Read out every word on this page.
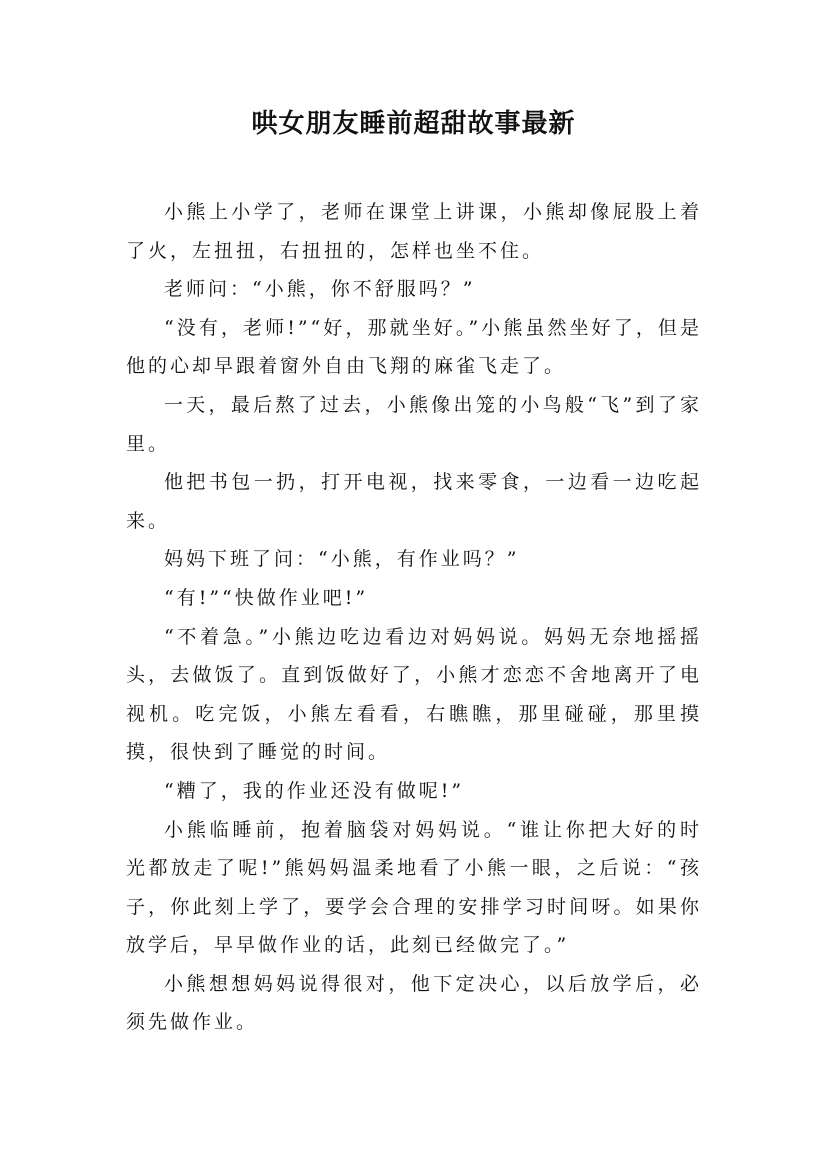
哄女朋友睡前超甜故事最新

小熊上小学了，老师在课堂上讲课，小熊却像屁股上着了火，左扭扭，右扭扭的，怎样也坐不住。

老师问：“小熊，你不舒服吗？”

“没有，老师!”“好，那就坐好。”小熊虽然坐好了，但是他的心却早跟着窗外自由飞翔的麻雀飞走了。

一天，最后熬了过去，小熊像出笼的小鸟般“飞”到了家里。

他把书包一扔，打开电视，找来零食，一边看一边吃起来。

妈妈下班了问：“小熊，有作业吗？”

“有!”“快做作业吧!”

“不着急。”小熊边吃边看边对妈妈说。妈妈无奈地摇摇头，去做饭了。直到饭做好了，小熊才恋恋不舍地离开了电视机。吃完饭，小熊左看看，右瞧瞧，那里碰碰，那里摸摸，很快到了睡觉的时间。

“糟了，我的作业还没有做呢!”

小熊临睡前，抱着脑袋对妈妈说。“谁让你把大好的时光都放走了呢!”熊妈妈温柔地看了小熊一眼，之后说：“孩子，你此刻上学了，要学会合理的安排学习时间呀。如果你放学后，早早做作业的话，此刻已经做完了。”

小熊想想妈妈说得很对，他下定决心，以后放学后，必须先做作业。
